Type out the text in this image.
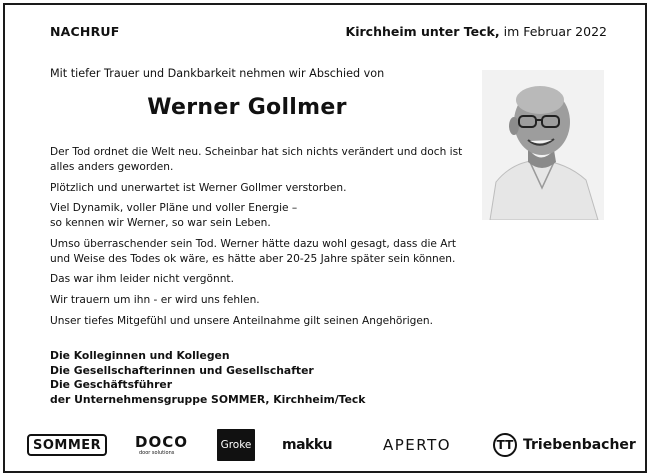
NACHRUF	Kirchheim unter Teck, im Februar 2022
Mit tiefer Trauer und Dankbarkeit nehmen wir Abschied von
Werner Gollmer

Der Tod ordnet die Welt neu. Scheinbar hat sich nichts verändert und doch ist
alles anders geworden.

Plötzlich und unerwartet ist Werner Gollmer verstorben.

Viel Dynamik, voller Pläne und voller Energie –
so kennen wir Werner, so war sein Leben.

Umso überraschender sein Tod. Werner hätte dazu wohl gesagt, dass die Art
und Weise des Todes ok wäre, es hätte aber 20-25 Jahre später sein können.

Das war ihm leider nicht vergönnt.

Wir trauern um ihn - er wird uns fehlen.

Unser tiefes Mitgefühl und unsere Anteilnahme gilt seinen Angehörigen.

Die Kolleginnen und Kollegen
Die Gesellschafterinnen und Gesellschafter
Die Geschäftsführer
der Unternehmensgruppe SOMMER, Kirchheim/Teck
SOMMER	DOCO
door solutions
Groke makku	APERTO	TT Triebenbacher
